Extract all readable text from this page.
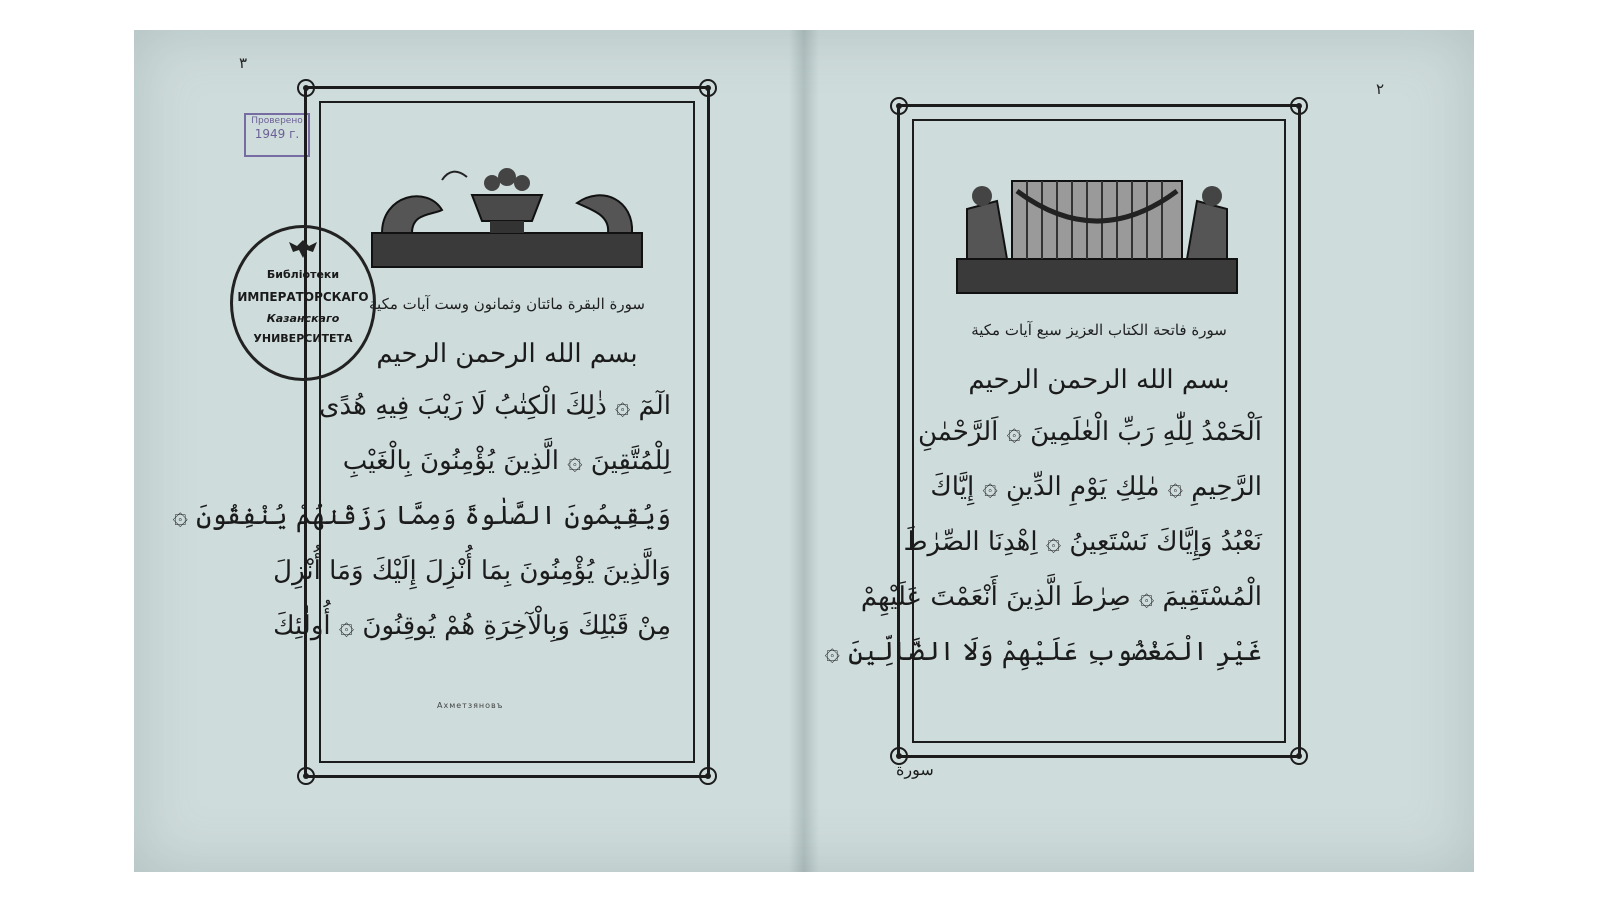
٣
Проверено
1949 г.
سورة البقرة مائتان وثمانون وست آيات مكية
بسم الله الرحمن الرحيم
الٓمٓ ۞ ذٰلِكَ الْكِتٰبُ لَا رَيْبَ فِيهِ هُدًى
لِلْمُتَّقِينَ ۞ الَّذِينَ يُؤْمِنُونَ بِالْغَيْبِ
وَيُقِيمُونَ الصَّلٰوةَ وَمِمَّا رَزَقْنٰهُمْ يُنْفِقُونَ ۞
وَالَّذِينَ يُؤْمِنُونَ بِمَا أُنْزِلَ إِلَيْكَ وَمَا أُنْزِلَ
مِنْ قَبْلِكَ وَبِالْآخِرَةِ هُمْ يُوقِنُونَ ۞ أُولٰئِكَ
Ахметзяновъ
Библіотеки
ИМПЕРАТОРСКАГО
Казанскаго
УНИВЕРСИТЕТА
٢
سورة فاتحة الكتاب العزيز سبع آيات مكية
بسم الله الرحمن الرحيم
اَلْحَمْدُ لِلّٰهِ رَبِّ الْعٰلَمِينَ ۞ اَلرَّحْمٰنِ
الرَّحِيمِ ۞ مٰلِكِ يَوْمِ الدِّينِ ۞ إِيَّاكَ
نَعْبُدُ وَإِيَّاكَ نَسْتَعِينُ ۞ اِهْدِنَا الصِّرٰطَ
الْمُسْتَقِيمَ ۞ صِرٰطَ الَّذِينَ أَنْعَمْتَ عَلَيْهِمْ
غَيْرِ الْمَغْضُوبِ عَلَيْهِمْ وَلَا الضَّالِّينَ ۞
سورة
